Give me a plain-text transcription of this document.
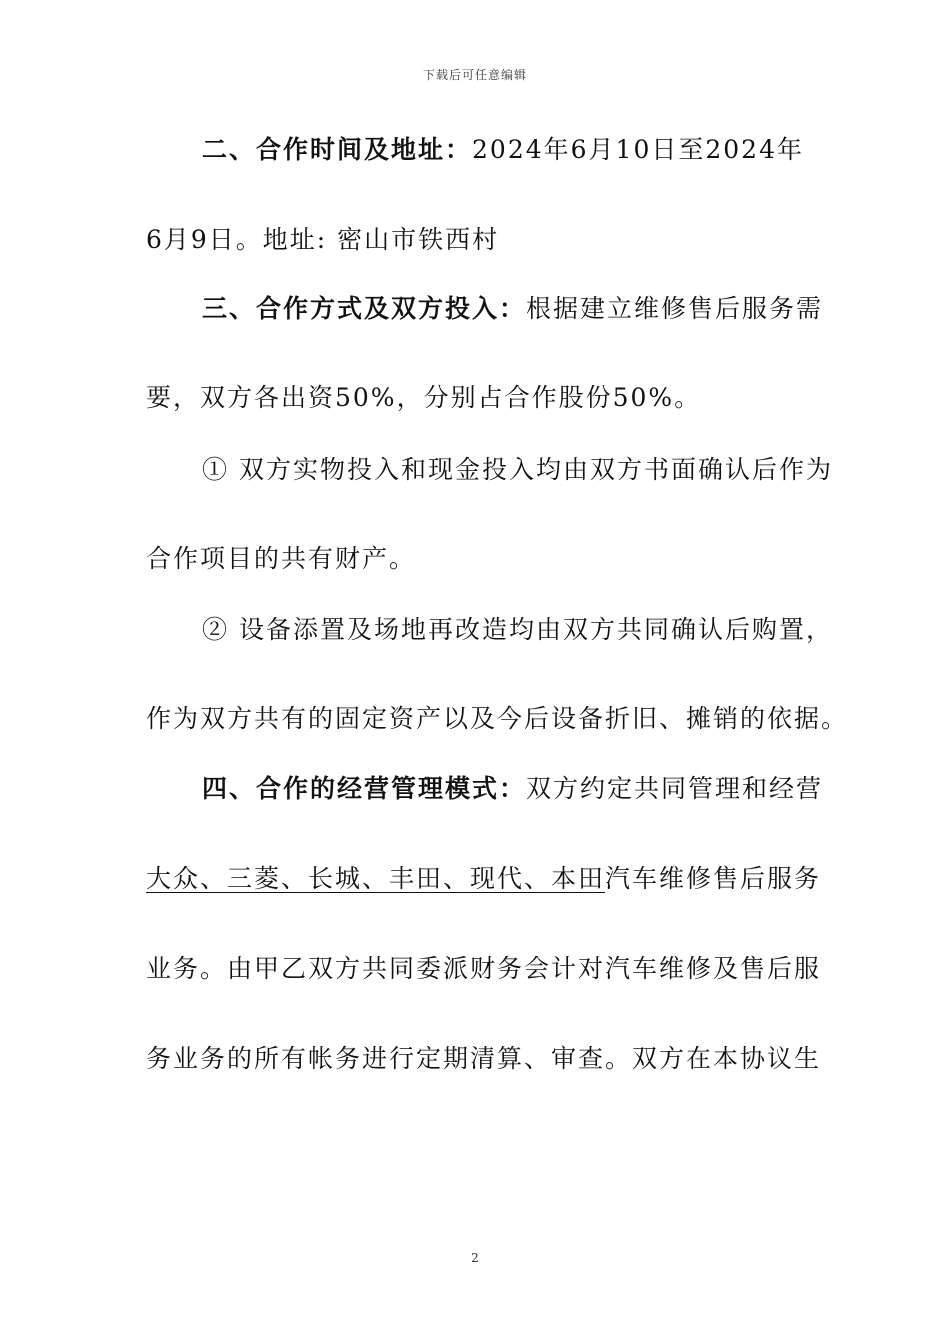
下载后可任意编辑
二、合作时间及地址：2024年6月10日至2024年
6月9日。地址: 密山市铁西村
三、合作方式及双方投入：根据建立维修售后服务需
要，双方各出资50%，分别占合作股份50%。
① 双方实物投入和现金投入均由双方书面确认后作为
合作项目的共有财产。
② 设备添置及场地再改造均由双方共同确认后购置，
作为双方共有的固定资产以及今后设备折旧、摊销的依据。
四、合作的经营管理模式：双方约定共同管理和经营
大众、三菱、长城、丰田、现代、本田汽车维修售后服务
业务。由甲乙双方共同委派财务会计对汽车维修及售后服
务业务的所有帐务进行定期清算、审查。双方在本协议生
2
